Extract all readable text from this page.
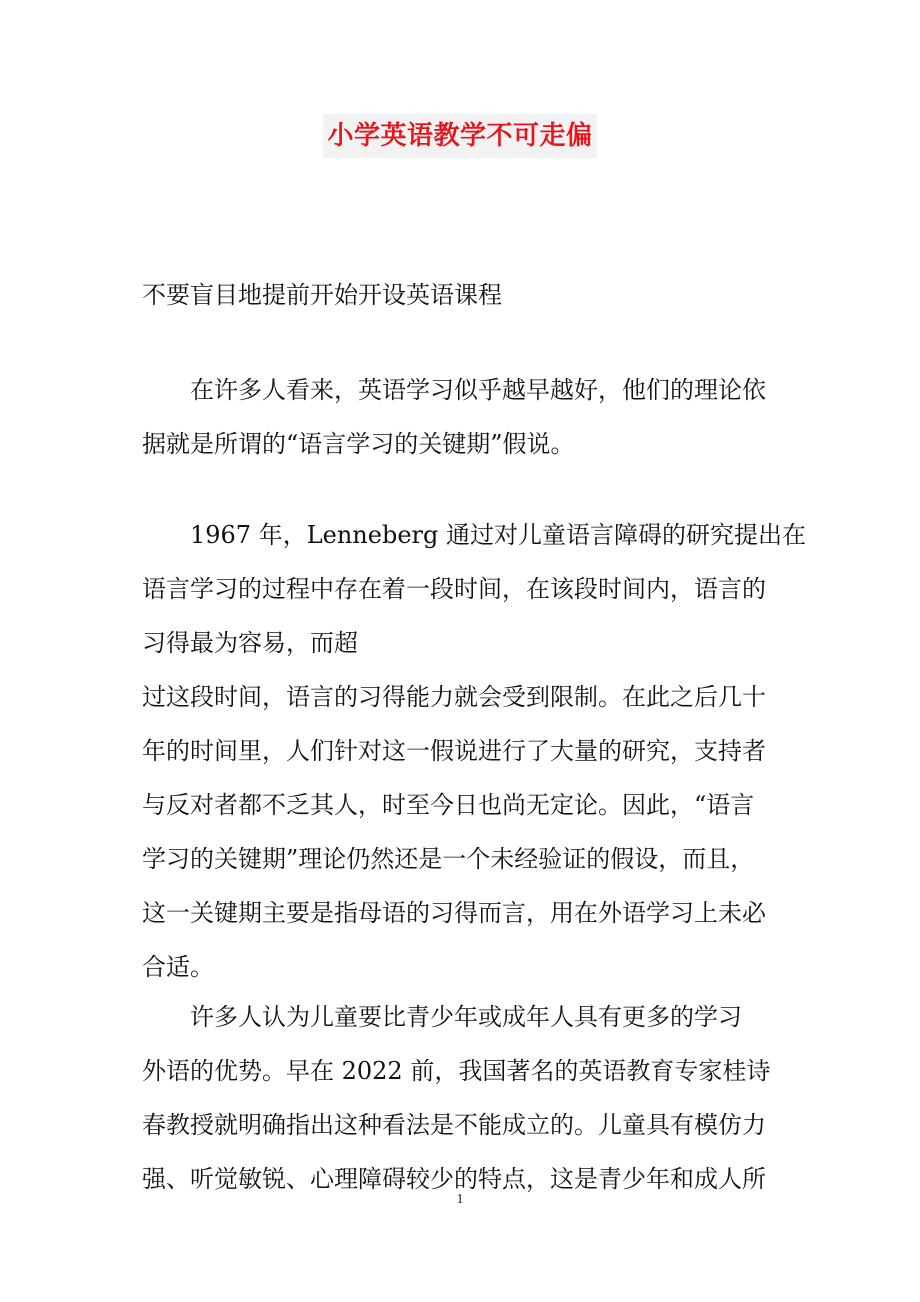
小学英语教学不可走偏
不要盲目地提前开始开设英语课程
在许多人看来，英语学习似乎越早越好，他们的理论依
据就是所谓的“语言学习的关键期”假说。
1967 年，Lenneberg 通过对儿童语言障碍的研究提出在
语言学习的过程中存在着一段时间，在该段时间内，语言的
习得最为容易，而超
过这段时间，语言的习得能力就会受到限制。在此之后几十
年的时间里，人们针对这一假说进行了大量的研究，支持者
与反对者都不乏其人，时至今日也尚无定论。因此，“语言
学习的关键期”理论仍然还是一个未经验证的假设，而且，
这一关键期主要是指母语的习得而言，用在外语学习上未必
合适。
许多人认为儿童要比青少年或成年人具有更多的学习
外语的优势。早在 2022 前，我国著名的英语教育专家桂诗
春教授就明确指出这种看法是不能成立的。儿童具有模仿力
强、听觉敏锐、心理障碍较少的特点，这是青少年和成人所
1
